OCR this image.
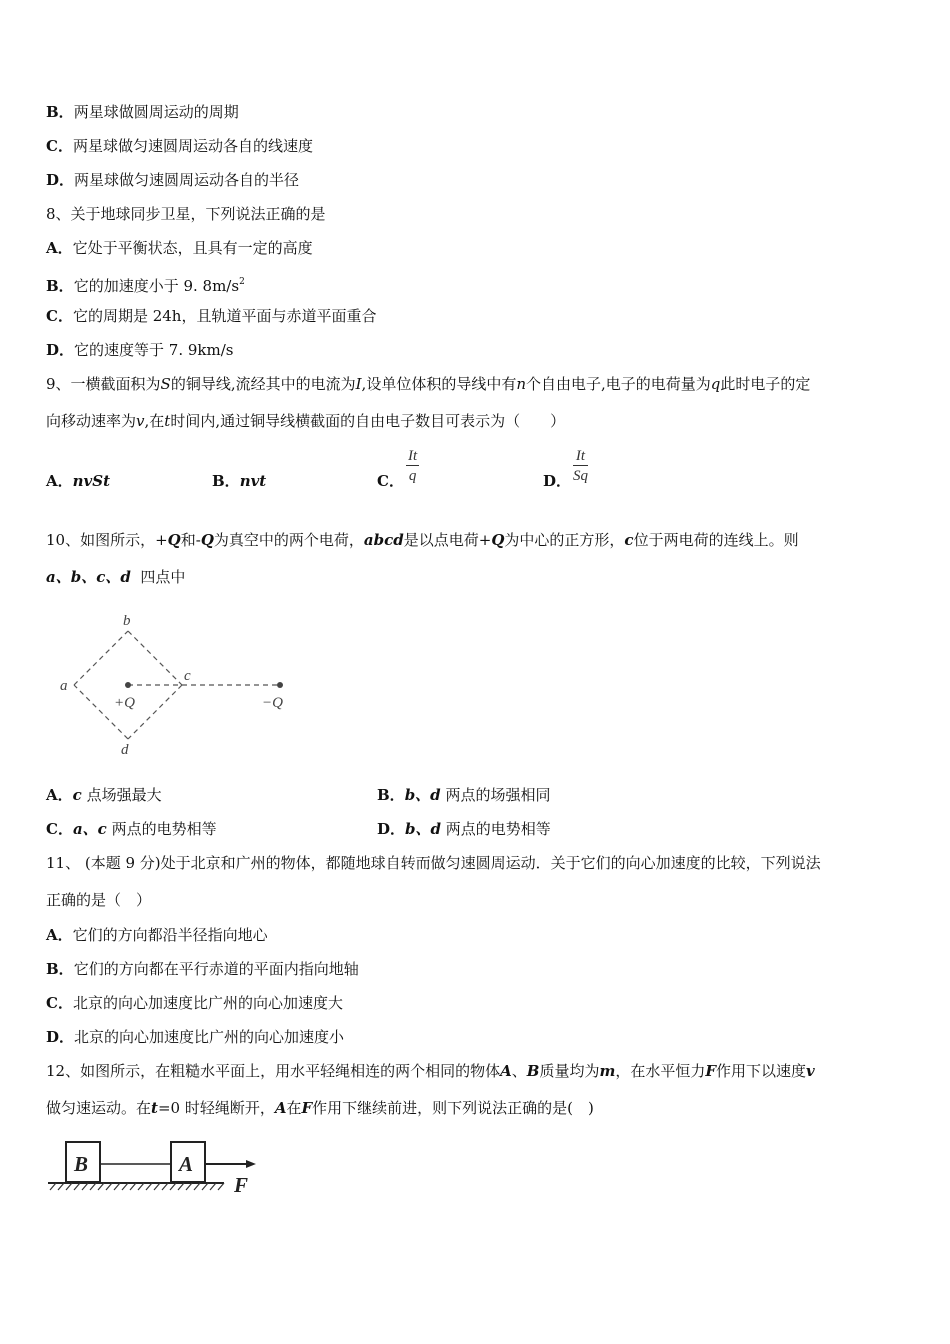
B．两星球做圆周运动的周期
C．两星球做匀速圆周运动各自的线速度
D．两星球做匀速圆周运动各自的半径
8、关于地球同步卫星，下列说法正确的是
A．它处于平衡状态，且具有一定的高度
B．它的加速度小于 9. $8m/s^2$
C．它的周期是 24h，且轨道平面与赤道平面重合
D．它的速度等于 7. 9km/s
9、一横截面积为S的铜导线,流经其中的电流为I,设单位体积的导线中有n个自由电子,电子的电荷量为q此时电子的定
向移动速率为v,在t时间内,通过铜导线横截面的自由电子数目可表示为（　　）
A．nvSt	B．nvt	C． $\frac{It}{q}$	D． $\frac{It}{Sq}$
10、如图所示，+Q和-Q为真空中的两个电荷，abcd是以点电荷+Q为中心的正方形，c位于两电荷的连线上。则
a、b、c、d 四点中
a
b
c
d
+Q	−Q
A．c 点场强最大	B．b、d 两点的场强相同
C．a、c 两点的电势相等	D．b、d 两点的电势相等
11、 (本题 9 分)处于北京和广州的物体，都随地球自转而做匀速圆周运动．关于它们的向心加速度的比较，下列说法
正确的是（　）
A．它们的方向都沿半径指向地心
B．它们的方向都在平行赤道的平面内指向地轴
C．北京的向心加速度比广州的向心加速度大
D．北京的向心加速度比广州的向心加速度小
12、如图所示，在粗糙水平面上，用水平轻绳相连的两个相同的物体A、B质量均为m，在水平恒力F作用下以速度v
做匀速运动。在t=0 时轻绳断开，A在F作用下继续前进，则下列说法正确的是(　)
B	A
F
